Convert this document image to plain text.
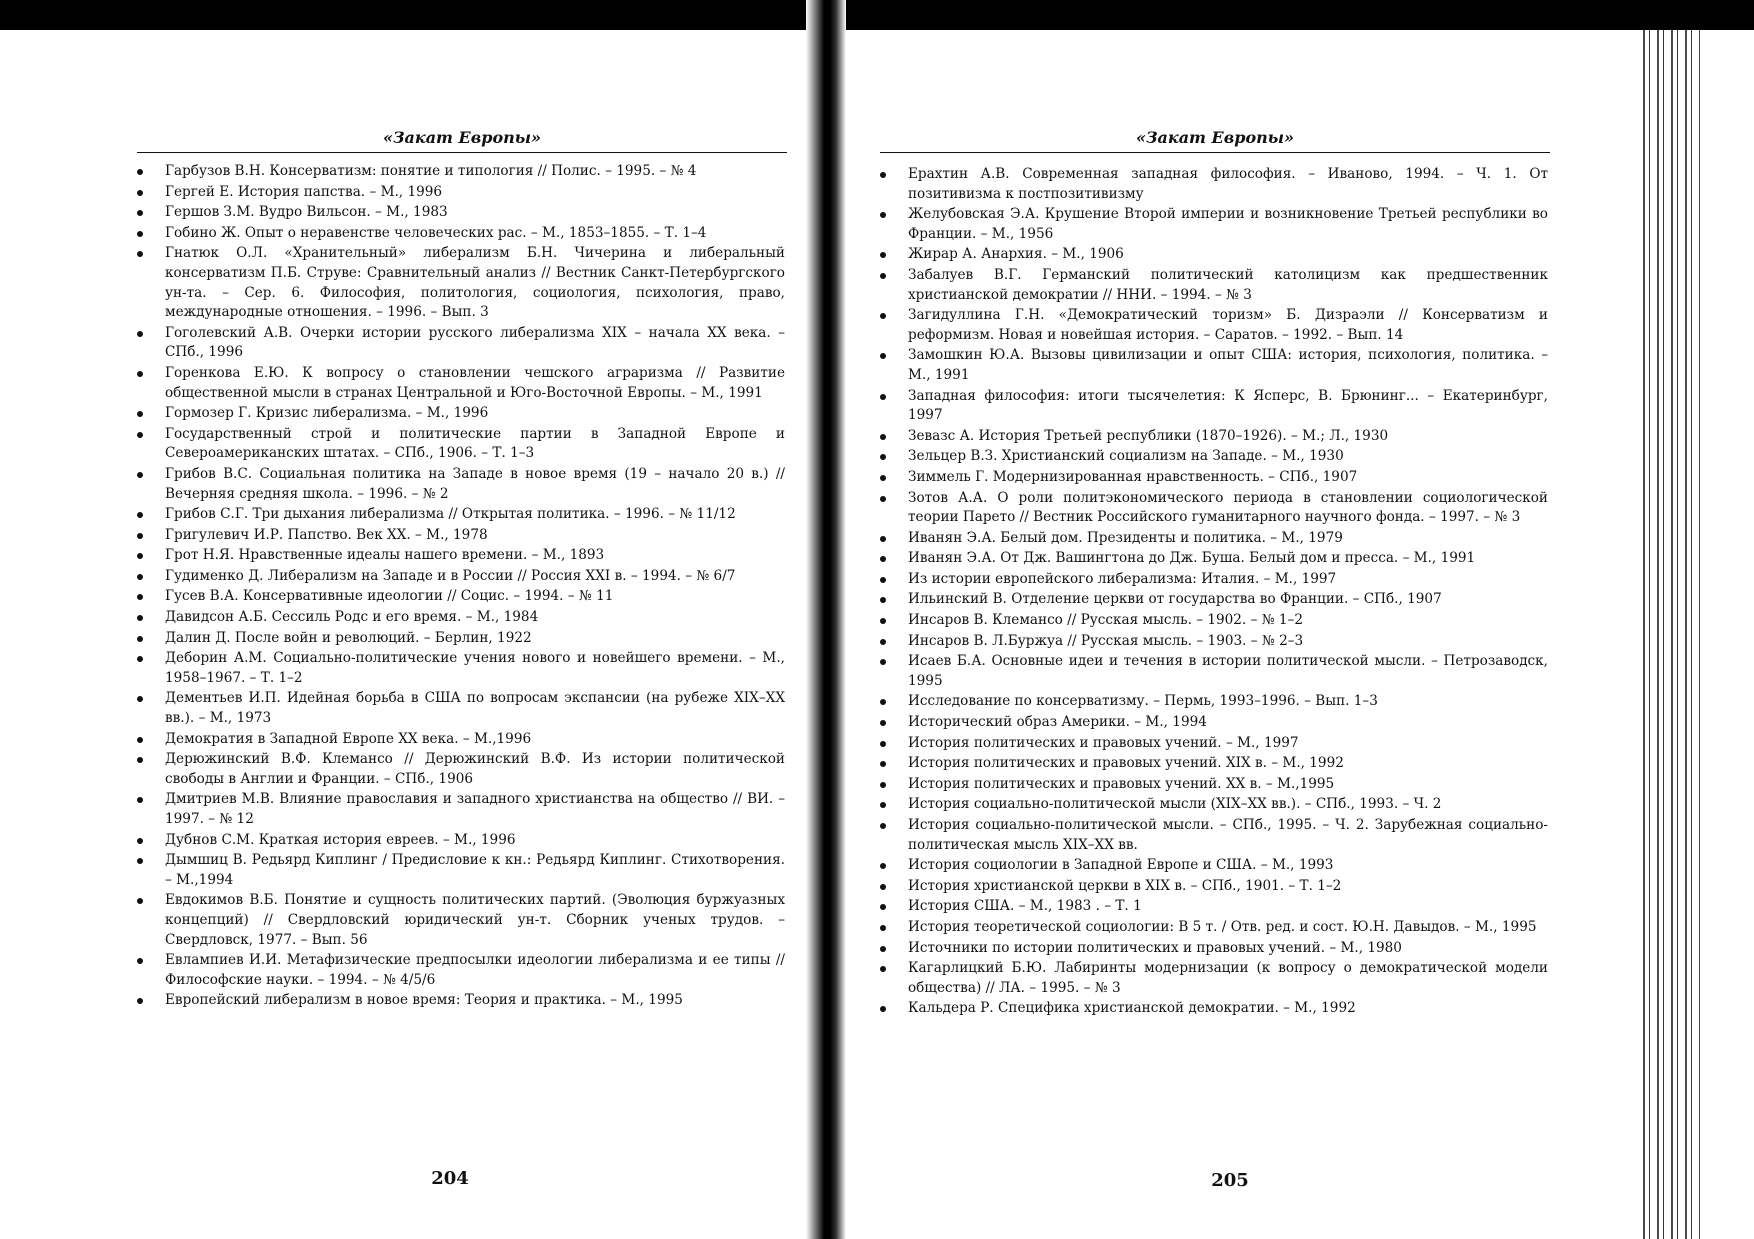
«Закат Европы»
Гарбузов В.Н. Консерватизм: понятие и типология // Полис. – 1995. – № 4
Гергей Е. История папства. – М., 1996
Гершов З.М. Вудро Вильсон. – М., 1983
Гобино Ж. Опыт о неравенстве человеческих рас. – М., 1853–1855. – Т. 1–4
Гнатюк О.Л. «Хранительный» либерализм Б.Н. Чичерина и либеральный консерватизм П.Б. Струве: Сравнительный анализ // Вестник Санкт-Петербургского ун-та. – Сер. 6. Философия, политология, социология, психология, право, международные отношения. – 1996. – Вып. 3
Гоголевский А.В. Очерки истории русского либерализма XIX – начала XX века. – СПб., 1996
Горенкова Е.Ю. К вопросу о становлении чешского аграризма // Развитие общественной мысли в странах Центральной и Юго-Восточной Европы. – М., 1991
Гормозер Г. Кризис либерализма. – М., 1996
Государственный строй и политические партии в Западной Европе и Североамериканских штатах. – СПб., 1906. – Т. 1–3
Грибов В.С. Социальная политика на Западе в новое время (19 – начало 20 в.) // Вечерняя средняя школа. – 1996. – № 2
Грибов С.Г. Три дыхания либерализма // Открытая политика. – 1996. – № 11/12
Григулевич И.Р. Папство. Век XX. – М., 1978
Грот Н.Я. Нравственные идеалы нашего времени. – М., 1893
Гудименко Д. Либерализм на Западе и в России // Россия XXI в. – 1994. – № 6/7
Гусев В.А. Консервативные идеологии // Социс. – 1994. – № 11
Давидсон А.Б. Сессиль Родс и его время. – М., 1984
Далин Д. После войн и революций. – Берлин, 1922
Деборин А.М. Социально-политические учения нового и новейшего времени. – М., 1958–1967. – Т. 1–2
Дементьев И.П. Идейная борьба в США по вопросам экспансии (на рубеже XIX–XX вв.). – М., 1973
Демократия в Западной Европе XX века. – М.,1996
Дерюжинский В.Ф. Клемансо // Дерюжинский В.Ф. Из истории политической свободы в Англии и Франции. – СПб., 1906
Дмитриев М.В. Влияние православия и западного христианства на общество // ВИ. – 1997. – № 12
Дубнов С.М. Краткая история евреев. – М., 1996
Дымшиц В. Редьярд Киплинг / Предисловие к кн.: Редьярд Киплинг. Стихотворения. – М.,1994
Евдокимов В.Б. Понятие и сущность политических партий. (Эволюция буржуазных концепций) // Свердловский юридический ун-т. Сборник ученых трудов. – Свердловск, 1977. – Вып. 56
Евлампиев И.И. Метафизические предпосылки идеологии либерализма и ее типы // Философские науки. – 1994. – № 4/5/6
Европейский либерализм в новое время: Теория и практика. – М., 1995
204
«Закат Европы»
Ерахтин А.В. Современная западная философия. – Иваново, 1994. – Ч. 1. От позитивизма к постпозитивизму
Желубовская Э.А. Крушение Второй империи и возникновение Третьей республики во Франции. – М., 1956
Жирар А. Анархия. – М., 1906
Забалуев В.Г. Германский политический католицизм как предшественник христианской демократии // ННИ. – 1994. – № 3
Загидуллина Г.Н. «Демократический торизм» Б. Дизраэли // Консерватизм и реформизм. Новая и новейшая история. – Саратов. – 1992. – Вып. 14
Замошкин Ю.А. Вызовы цивилизации и опыт США: история, психология, политика. – М., 1991
Западная философия: итоги тысячелетия: К Ясперс, В. Брюнинг... – Екатеринбург, 1997
Зевазс А. История Третьей республики (1870–1926). – М.; Л., 1930
Зельцер В.З. Христианский социализм на Западе. – М., 1930
Зиммель Г. Модернизированная нравственность. – СПб., 1907
Зотов А.А. О роли политэкономического периода в становлении социологической теории Парето // Вестник Российского гуманитарного научного фонда. – 1997. – № 3
Иванян Э.А. Белый дом. Президенты и политика. – М., 1979
Иванян Э.А. От Дж. Вашингтона до Дж. Буша. Белый дом и пресса. – М., 1991
Из истории европейского либерализма: Италия. – М., 1997
Ильинский В. Отделение церкви от государства во Франции. – СПб., 1907
Инсаров В. Клемансо // Русская мысль. – 1902. – № 1–2
Инсаров В. Л.Буржуа // Русская мысль. – 1903. – № 2–3
Исаев Б.А. Основные идеи и течения в истории политической мысли. – Петрозаводск, 1995
Исследование по консерватизму. – Пермь, 1993–1996. – Вып. 1–3
Исторический образ Америки. – М., 1994
История политических и правовых учений. – М., 1997
История политических и правовых учений. XIX в. – М., 1992
История политических и правовых учений. XX в. – М.,1995
История социально-политической мысли (XIX–XX вв.). – СПб., 1993. – Ч. 2
История социально-политической мысли. – СПб., 1995. – Ч. 2. Зарубежная социально-политическая мысль XIX–XX вв.
История социологии в Западной Европе и США. – М., 1993
История христианской церкви в XIX в. – СПб., 1901. – Т. 1–2
История США. – М., 1983 . – Т. 1
История теоретической социологии: В 5 т. / Отв. ред. и сост. Ю.Н. Давыдов. – М., 1995
Источники по истории политических и правовых учений. – М., 1980
Кагарлицкий Б.Ю. Лабиринты модернизации (к вопросу о демократической модели общества) // ЛА. – 1995. – № 3
Кальдера Р. Специфика христианской демократии. – М., 1992
205
